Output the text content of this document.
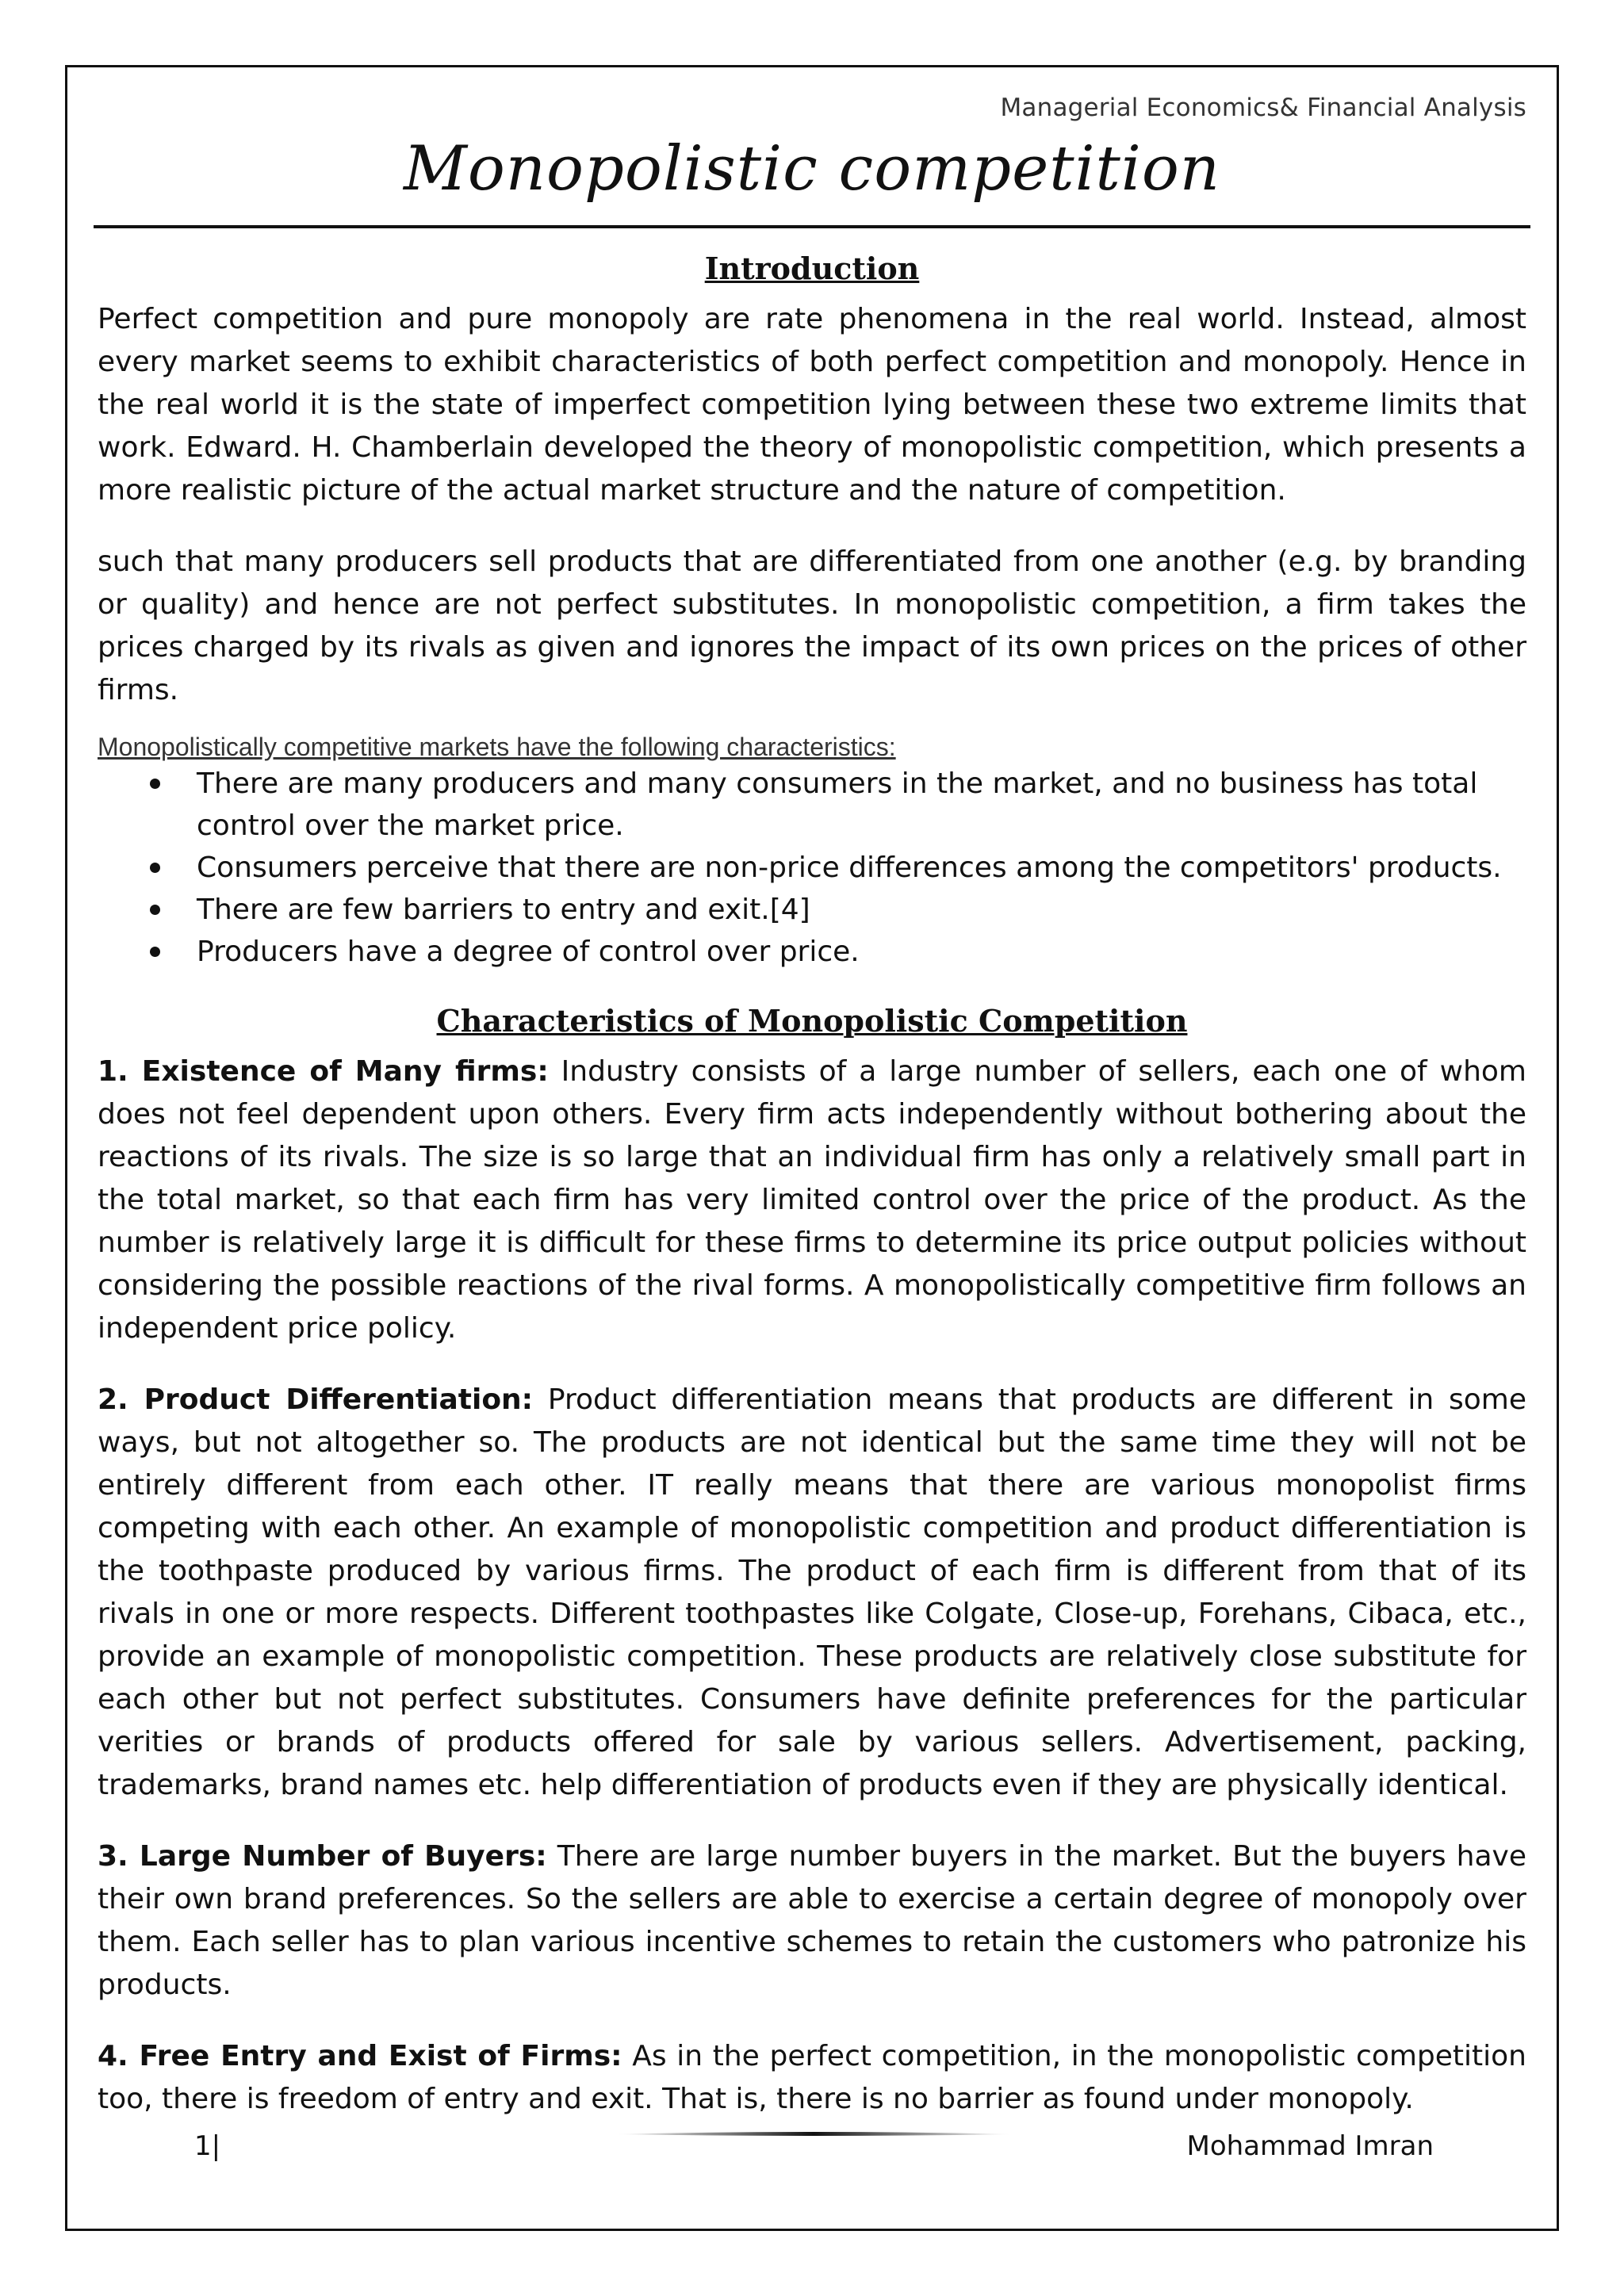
Managerial Economics& Financial Analysis
Monopolistic competition
Introduction

Perfect competition and pure monopoly are rate phenomena in the real world. Instead, almost every market seems to exhibit characteristics of both perfect competition and monopoly. Hence in the real world it is the state of imperfect competition lying between these two extreme limits that work. Edward. H. Chamberlain developed the theory of monopolistic competition, which presents a more realistic picture of the actual market structure and the nature of competition.

such that many producers sell products that are differentiated from one another (e.g. by branding or quality) and hence are not perfect substitutes. In monopolistic competition, a firm takes the prices charged by its rivals as given and ignores the impact of its own prices on the prices of other firms.

Monopolistically competitive markets have the following characteristics:
There are many producers and many consumers in the market, and no business has total control over the market price.
Consumers perceive that there are non-price differences among the competitors' products.
There are few barriers to entry and exit.[4]
Producers have a degree of control over price.
Characteristics of Monopolistic Competition

1. Existence of Many firms: Industry consists of a large number of sellers, each one of whom does not feel dependent upon others. Every firm acts independently without bothering about the reactions of its rivals. The size is so large that an individual firm has only a relatively small part in the total market, so that each firm has very limited control over the price of the product. As the number is relatively large it is difficult for these firms to determine its price output policies without considering the possible reactions of the rival forms. A monopolistically competitive firm follows an independent price policy.

2. Product Differentiation: Product differentiation means that products are different in some ways, but not altogether so. The products are not identical but the same time they will not be entirely different from each other. IT really means that there are various monopolist firms competing with each other. An example of monopolistic competition and product differentiation is the toothpaste produced by various firms. The product of each firm is different from that of its rivals in one or more respects. Different toothpastes like Colgate, Close-up, Forehans, Cibaca, etc., provide an example of monopolistic competition. These products are relatively close substitute for each other but not perfect substitutes. Consumers have definite preferences for the particular verities or brands of products offered for sale by various sellers. Advertisement, packing, trademarks, brand names etc. help differentiation of products even if they are physically identical.

3. Large Number of Buyers: There are large number buyers in the market. But the buyers have their own brand preferences. So the sellers are able to exercise a certain degree of monopoly over them. Each seller has to plan various incentive schemes to retain the customers who patronize his products.

4. Free Entry and Exist of Firms: As in the perfect competition, in the monopolistic competition too, there is freedom of entry and exit. That is, there is no barrier as found under monopoly.

1|	Mohammad Imran
